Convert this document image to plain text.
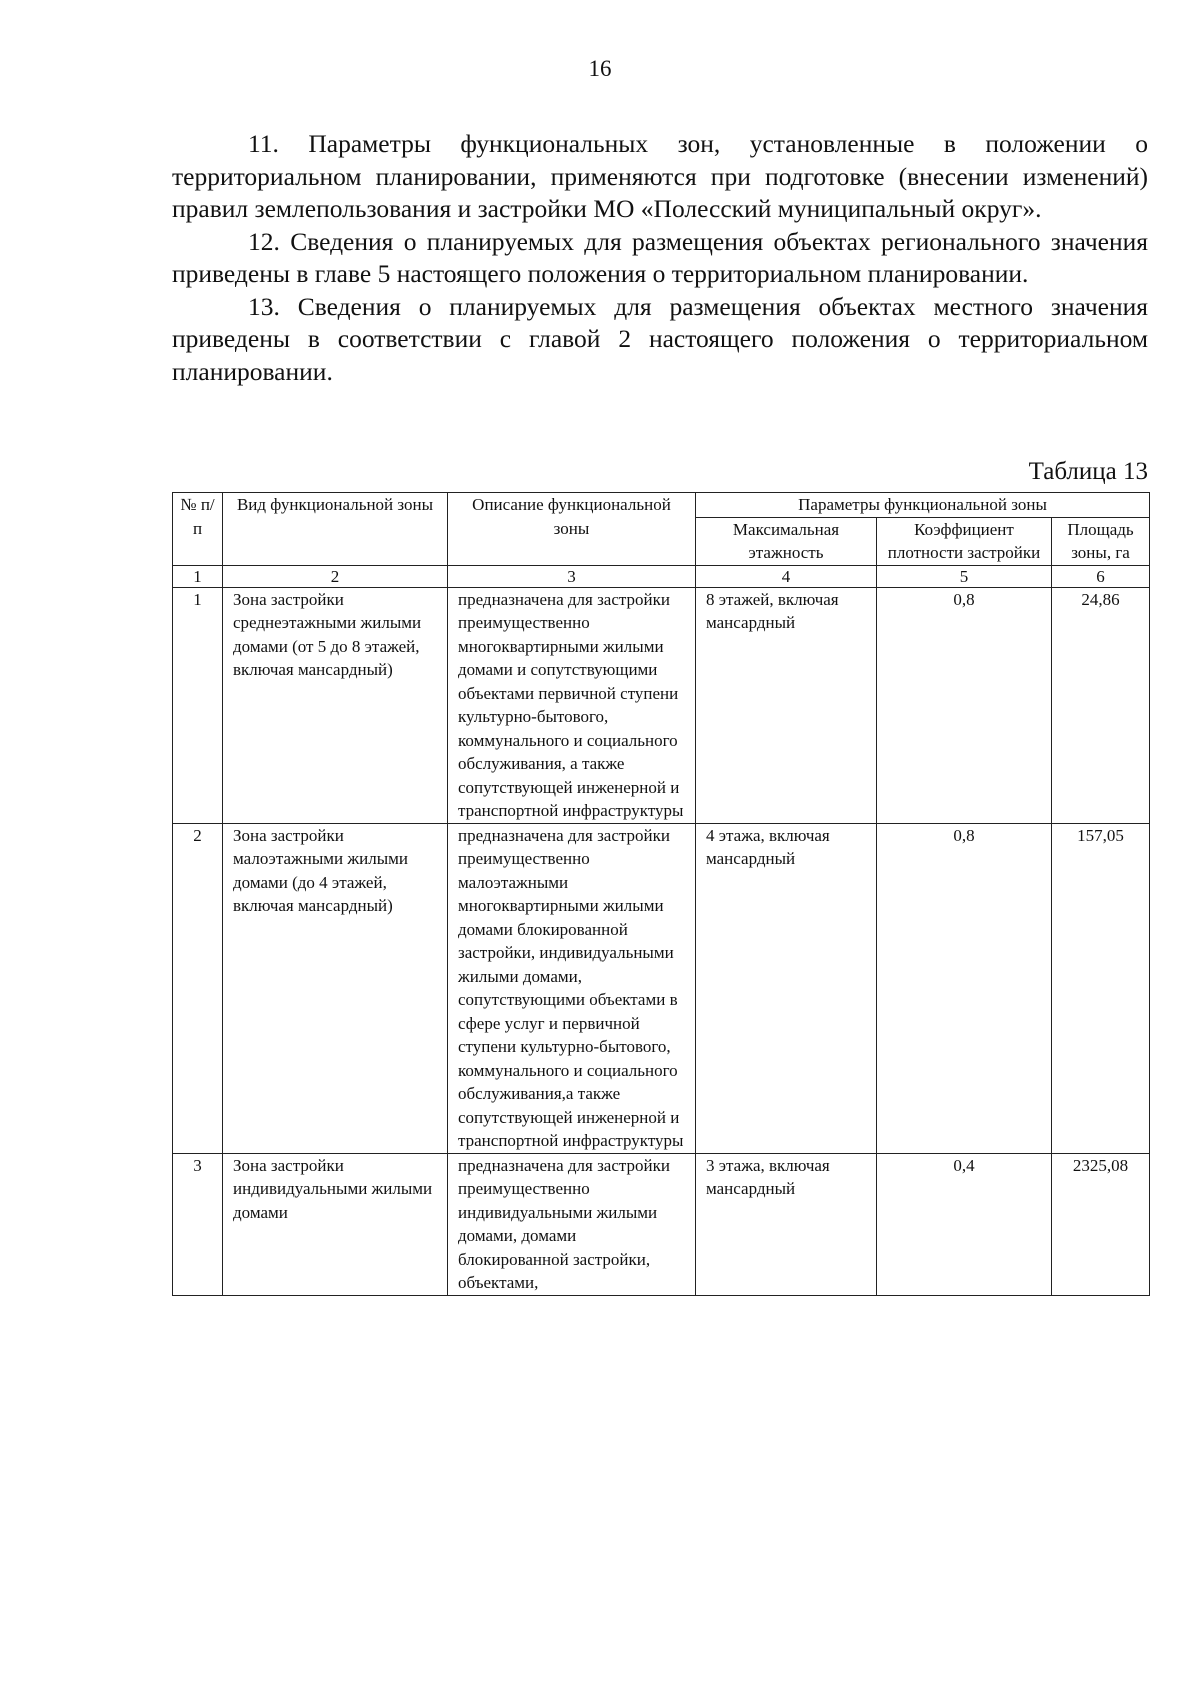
16

11. Параметры функциональных зон, установленные в положении о территориальном планировании, применяются при подготовке (внесении изменений) правил землепользования и застройки МО «Полесский муниципальный округ».

12. Сведения о планируемых для размещения объектах регионального значения приведены в главе 5 настоящего положения о территориальном планировании.

13. Сведения о планируемых для размещения объектах местного значения приведены в соответствии с главой 2 настоящего положения о территориальном планировании.

Таблица 13
№ п/п	Вид функциональной зоны	Описание функциональной зоны	Параметры функциональной зоны		
			Максимальная этажность	Коэффициент плотности застройки	Площадь зоны, га
1	2	3	4	5	6
1	Зона застройки среднеэтажными жилыми домами (от 5 до 8 этажей, включая мансардный)	предназначена для застройки преимущественно многоквартирными жилыми домами и сопутствующими объектами первичной ступени культурно-бытового, коммунального и социального обслуживания, а также сопутствующей инженерной и транспортной инфраструктуры	8 этажей, включая мансардный	0,8	24,86
2	Зона застройки малоэтажными жилыми домами (до 4 этажей, включая мансардный)	предназначена для застройки преимущественно малоэтажными многоквартирными жилыми домами блокированной застройки, индивидуальными жилыми домами, сопутствующими объектами в сфере услуг и первичной ступени культурно-бытового, коммунального и социального обслуживания,а также сопутствующей инженерной и транспортной инфраструктуры	4 этажа, включая мансардный	0,8	157,05
3	Зона застройки индивидуальными жилыми домами	предназначена для застройки преимущественно индивидуальными жилыми домами, домами блокированной застройки, объектами,	3 этажа, включая мансардный	0,4	2325,08
